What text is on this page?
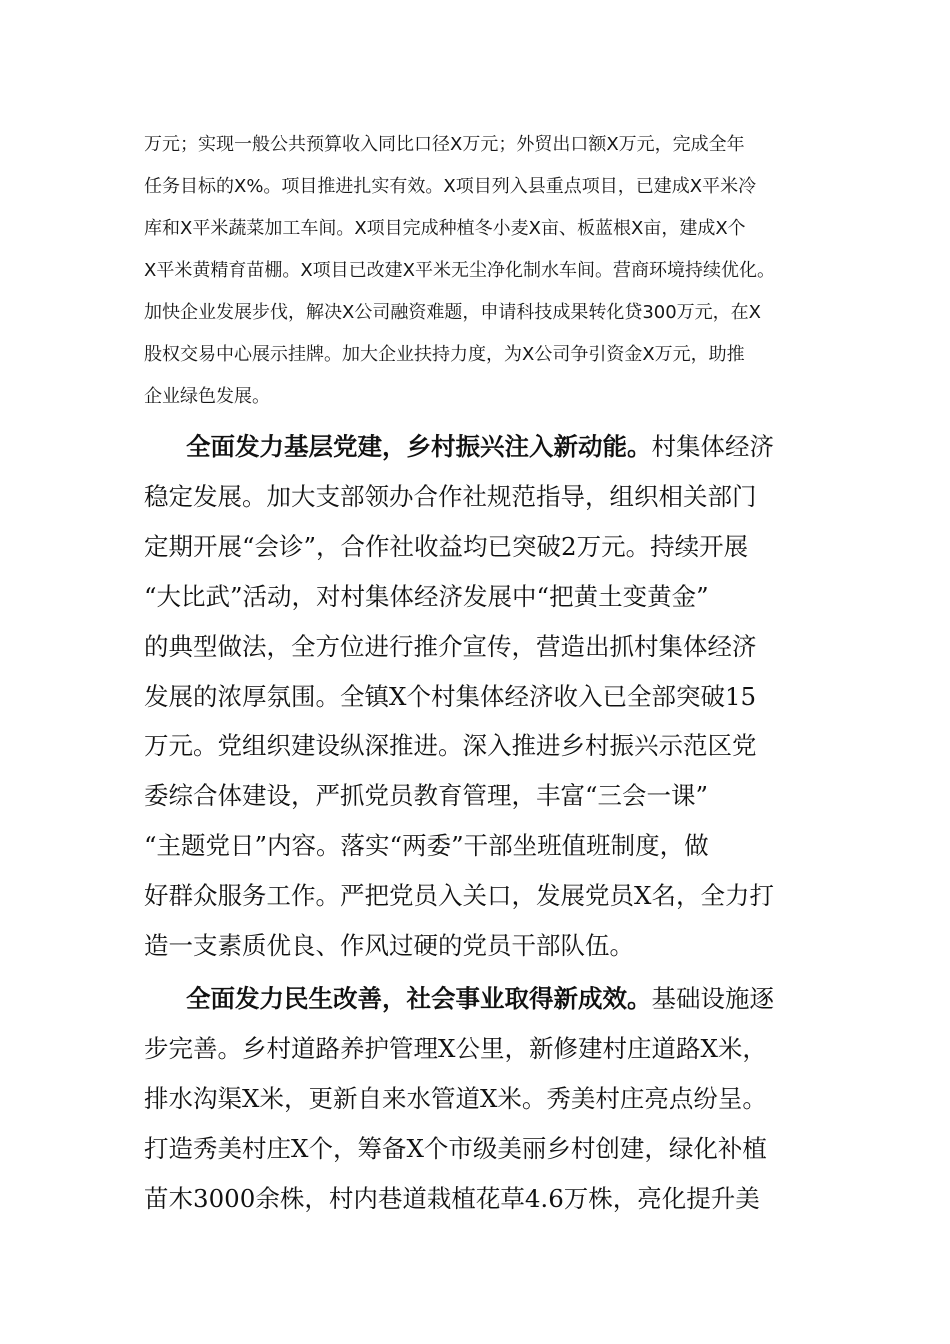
万元；实现一般公共预算收入同比口径X万元；外贸出口额X万元，完成全年
任务目标的X%。项目推进扎实有效。X项目列入县重点项目，已建成X平米冷
库和X平米蔬菜加工车间。X项目完成种植冬小麦X亩、板蓝根X亩，建成X个
X平米黄精育苗棚。X项目已改建X平米无尘净化制水车间。营商环境持续优化。
加快企业发展步伐，解决X公司融资难题，申请科技成果转化贷300万元，在X
股权交易中心展示挂牌。加大企业扶持力度，为X公司争引资金X万元，助推
企业绿色发展。
全面发力基层党建，乡村振兴注入新动能。村集体经济
稳定发展。加大支部领办合作社规范指导，组织相关部门
定期开展“会诊”，合作社收益均已突破2万元。持续开展
“大比武”活动，对村集体经济发展中“把黄土变黄金”
的典型做法，全方位进行推介宣传，营造出抓村集体经济
发展的浓厚氛围。全镇X个村集体经济收入已全部突破15
万元。党组织建设纵深推进。深入推进乡村振兴示范区党
委综合体建设，严抓党员教育管理，丰富“三会一课”
“主题党日”内容。落实“两委”干部坐班值班制度，做
好群众服务工作。严把党员入关口，发展党员X名，全力打
造一支素质优良、作风过硬的党员干部队伍。
全面发力民生改善，社会事业取得新成效。基础设施逐
步完善。乡村道路养护管理X公里，新修建村庄道路X米，
排水沟渠X米，更新自来水管道X米。秀美村庄亮点纷呈。
打造秀美村庄X个，筹备X个市级美丽乡村创建，绿化补植
苗木3000余株，村内巷道栽植花草4.6万株，亮化提升美
